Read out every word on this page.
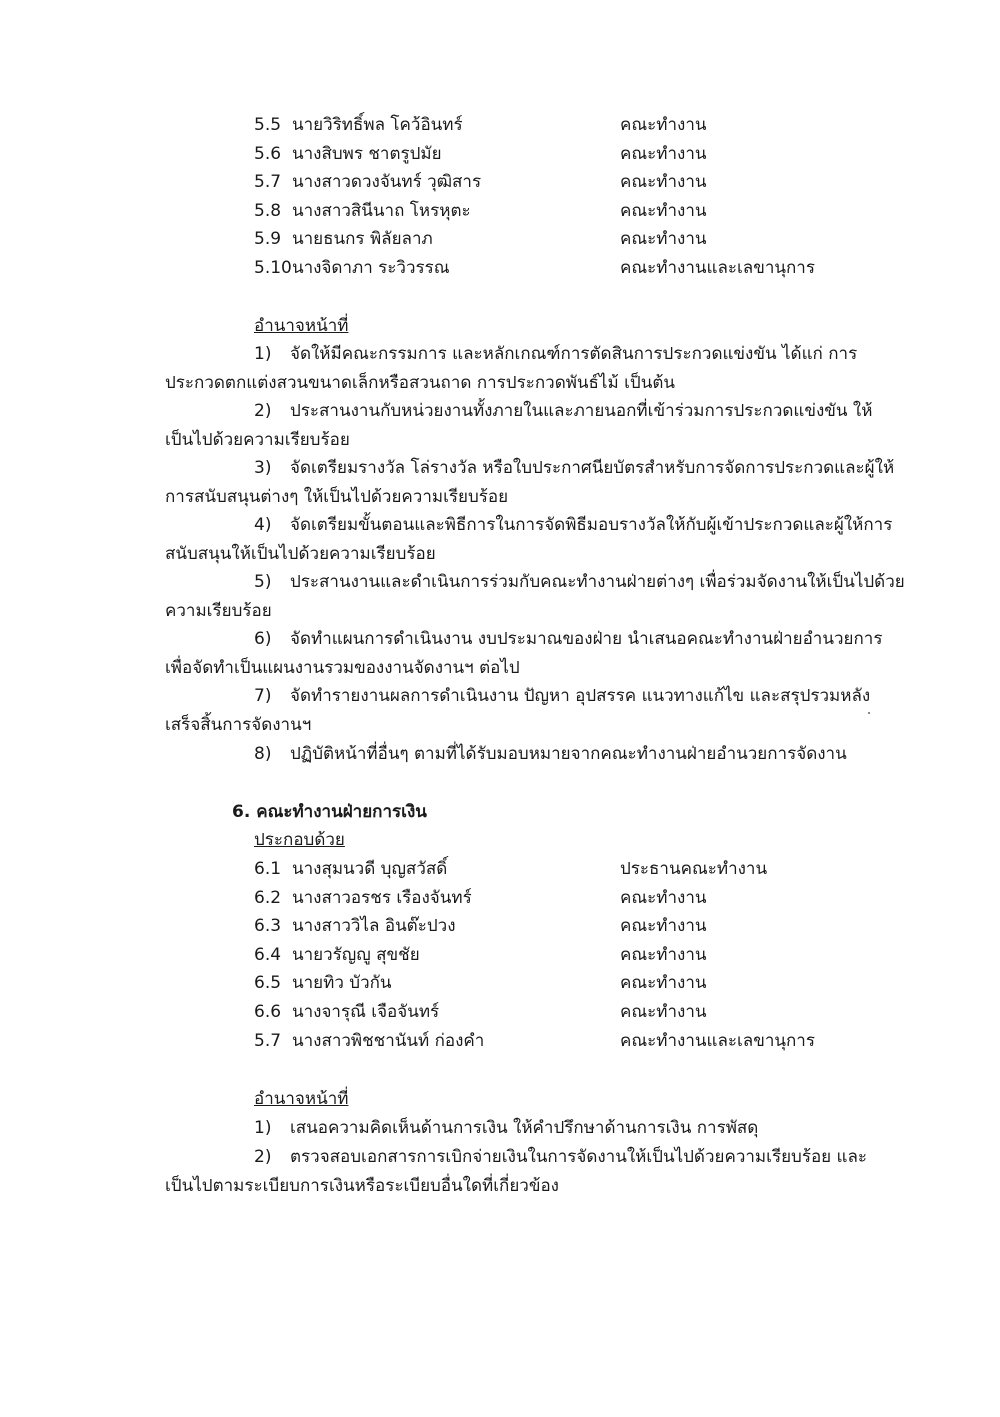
5.5 นายวิริทธิ์พล โคว้อินทร์	คณะทำงาน
5.6 นางสิบพร ชาตรูปมัย	คณะทำงาน
5.7 นางสาวดวงจันทร์ วุฒิสาร	คณะทำงาน
5.8 นางสาวสินีนาถ โหรหุตะ	คณะทำงาน
5.9 นายธนกร พิลัยลาภ	คณะทำงาน
5.10 นางจิดาภา ระวิวรรณ	คณะทำงานและเลขานุการ
อำนาจหน้าที่
1) จัดให้มีคณะกรรมการ และหลักเกณฑ์การตัดสินการประกวดแข่งขัน ได้แก่ การ
ประกวดตกแต่งสวนขนาดเล็กหรือสวนถาด การประกวดพันธ์ไม้ เป็นต้น
2) ประสานงานกับหน่วยงานทั้งภายในและภายนอกที่เข้าร่วมการประกวดแข่งขัน ให้
เป็นไปด้วยความเรียบร้อย
3) จัดเตรียมรางวัล โล่รางวัล หรือใบประกาศนียบัตรสำหรับการจัดการประกวดและผู้ให้
การสนับสนุนต่างๆ ให้เป็นไปด้วยความเรียบร้อย
4) จัดเตรียมขั้นตอนและพิธีการในการจัดพิธีมอบรางวัลให้กับผู้เข้าประกวดและผู้ให้การ
สนับสนุนให้เป็นไปด้วยความเรียบร้อย
5) ประสานงานและดำเนินการร่วมกับคณะทำงานฝ่ายต่างๆ เพื่อร่วมจัดงานให้เป็นไปด้วย
ความเรียบร้อย
6) จัดทำแผนการดำเนินงาน งบประมาณของฝ่าย นำเสนอคณะทำงานฝ่ายอำนวยการ
เพื่อจัดทำเป็นแผนงานรวมของงานจัดงานฯ ต่อไป
7) จัดทำรายงานผลการดำเนินงาน ปัญหา อุปสรรค แนวทางแก้ไข และสรุปรวมหลัง
เสร็จสิ้นการจัดงานฯ
8) ปฏิบัติหน้าที่อื่นๆ ตามที่ได้รับมอบหมายจากคณะทำงานฝ่ายอำนวยการจัดงาน
6. คณะทำงานฝ่ายการเงิน
ประกอบด้วย
6.1 นางสุมนวดี บุญสวัสดิ์	ประธานคณะทำงาน
6.2 นางสาวอรชร เรืองจันทร์	คณะทำงาน
6.3 นางสาววิไล อินต๊ะปวง	คณะทำงาน
6.4 นายวรัญญู สุขชัย	คณะทำงาน
6.5 นายทิว บัวกัน	คณะทำงาน
6.6 นางจารุณี เจือจันทร์	คณะทำงาน
5.7 นางสาวพิชชานันท์ ก่องคำ	คณะทำงานและเลขานุการ
อำนาจหน้าที่
1) เสนอความคิดเห็นด้านการเงิน ให้คำปรึกษาด้านการเงิน การพัสดุ
2) ตรวจสอบเอกสารการเบิกจ่ายเงินในการจัดงานให้เป็นไปด้วยความเรียบร้อย และ
เป็นไปตามระเบียบการเงินหรือระเบียบอื่นใดที่เกี่ยวข้อง
